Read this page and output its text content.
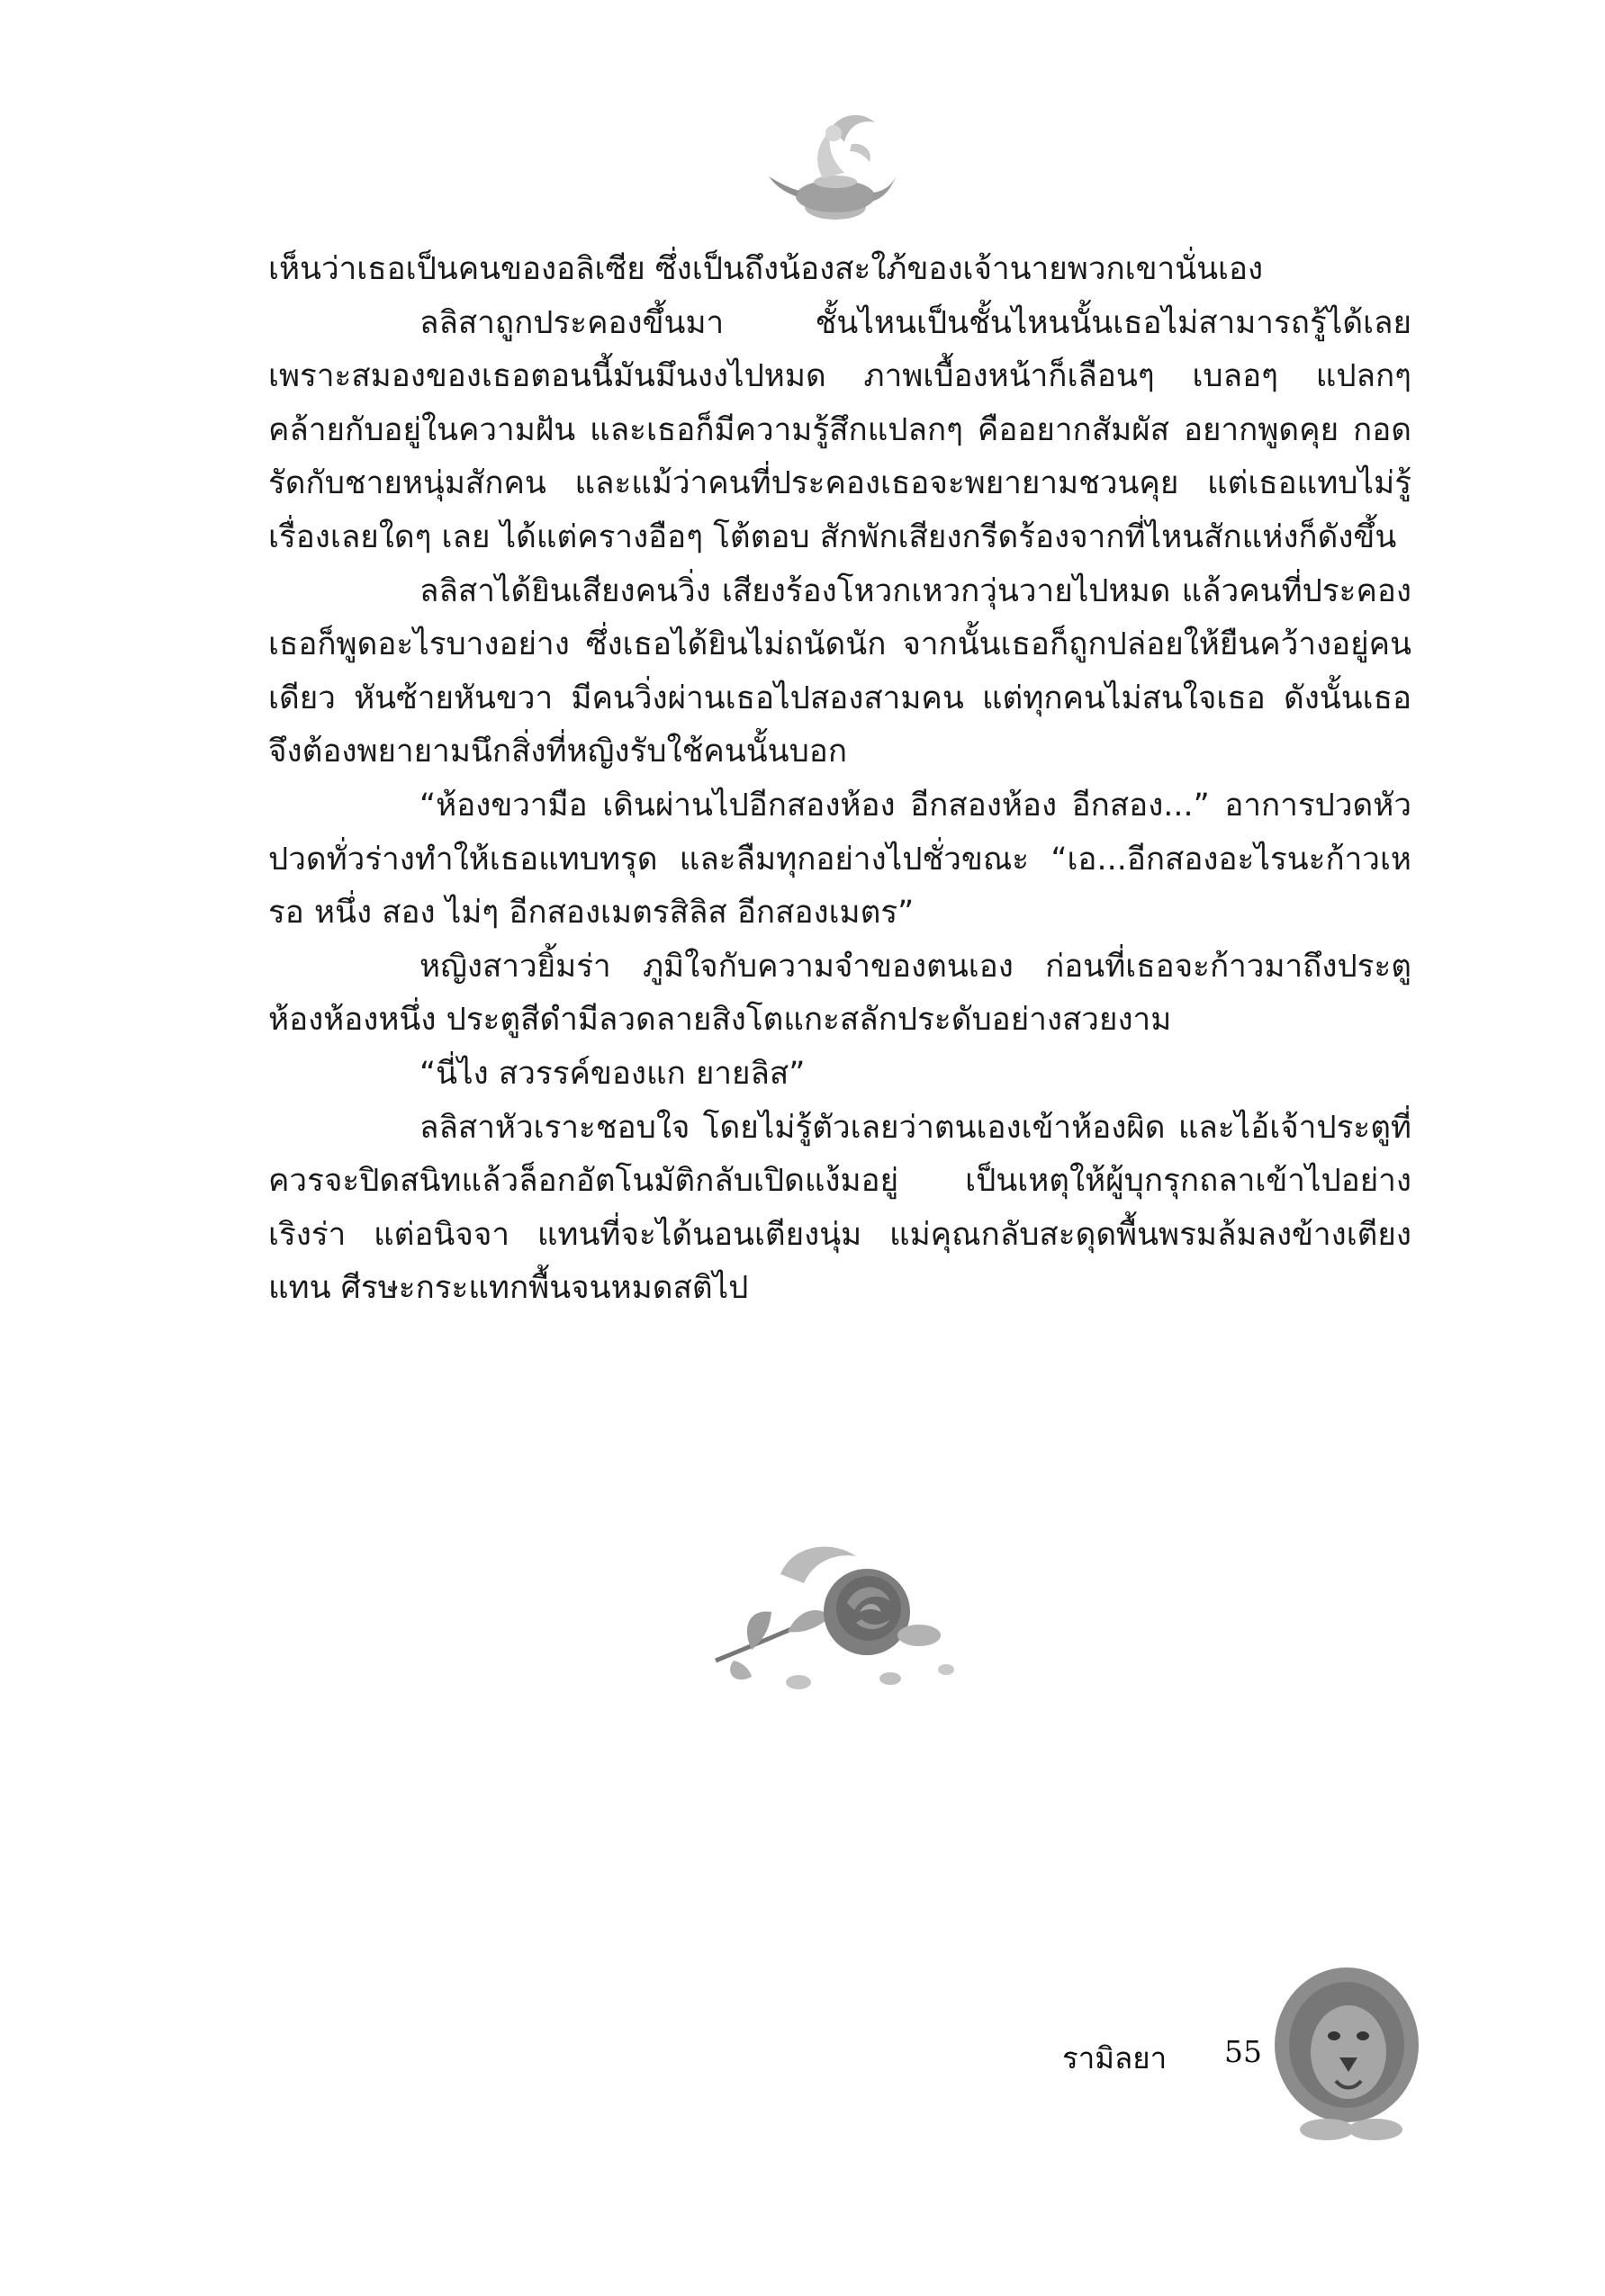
เห็นว่าเธอเป็นคนของอลิเซีย ซึ่งเป็นถึงน้องสะใภ้ของเจ้านายพวกเขานั่นเอง

ลลิสาถูกประคองขึ้นมา ชั้นไหนเป็นชั้นไหนนั้นเธอไม่สามารถรู้ได้เลย เพราะสมองของเธอตอนนี้มันมึนงงไปหมด ภาพเบื้องหน้าก็เลือนๆ เบลอๆ แปลกๆ คล้ายกับอยู่ในความฝัน และเธอก็มีความรู้สึกแปลกๆ คืออยากสัมผัส อยากพูดคุย กอดรัดกับชายหนุ่มสักคน และแม้ว่าคนที่ประคองเธอจะพยายามชวนคุย แต่เธอแทบไม่รู้เรื่องเลยใดๆ เลย ได้แต่ครางอือๆ โต้ตอบ สักพักเสียงกรีดร้องจากที่ไหนสักแห่งก็ดังขึ้น

ลลิสาได้ยินเสียงคนวิ่ง เสียงร้องโหวกเหวกวุ่นวายไปหมด แล้วคนที่ประคองเธอก็พูดอะไรบางอย่าง ซึ่งเธอได้ยินไม่ถนัดนัก จากนั้นเธอก็ถูกปล่อยให้ยืนคว้างอยู่คนเดียว หันซ้ายหันขวา มีคนวิ่งผ่านเธอไปสองสามคน แต่ทุกคนไม่สนใจเธอ ดังนั้นเธอจึงต้องพยายามนึกสิ่งที่หญิงรับใช้คนนั้นบอก

“ห้องขวามือ เดินผ่านไปอีกสองห้อง อีกสองห้อง อีกสอง...” อาการปวดหัว ปวดทั่วร่างทำให้เธอแทบทรุด และลืมทุกอย่างไปชั่วขณะ “เอ...อีกสองอะไรนะก้าวเหรอ หนึ่ง สอง ไม่ๆ อีกสองเมตรสิลิส อีกสองเมตร”

หญิงสาวยิ้มร่า ภูมิใจกับความจำของตนเอง ก่อนที่เธอจะก้าวมาถึงประตูห้องห้องหนึ่ง ประตูสีดำมีลวดลายสิงโตแกะสลักประดับอย่างสวยงาม

“นี่ไง สวรรค์ของแก ยายลิส”

ลลิสาหัวเราะชอบใจ โดยไม่รู้ตัวเลยว่าตนเองเข้าห้องผิด และไอ้เจ้าประตูที่ควรจะปิดสนิทแล้วล็อกอัตโนมัติกลับเปิดแง้มอยู่ เป็นเหตุให้ผู้บุกรุกถลาเข้าไปอย่างเริงร่า แต่อนิจจา แทนที่จะได้นอนเตียงนุ่ม แม่คุณกลับสะดุดพื้นพรมล้มลงข้างเตียงแทน ศีรษะกระแทกพื้นจนหมดสติไป

รามิลยา 55
